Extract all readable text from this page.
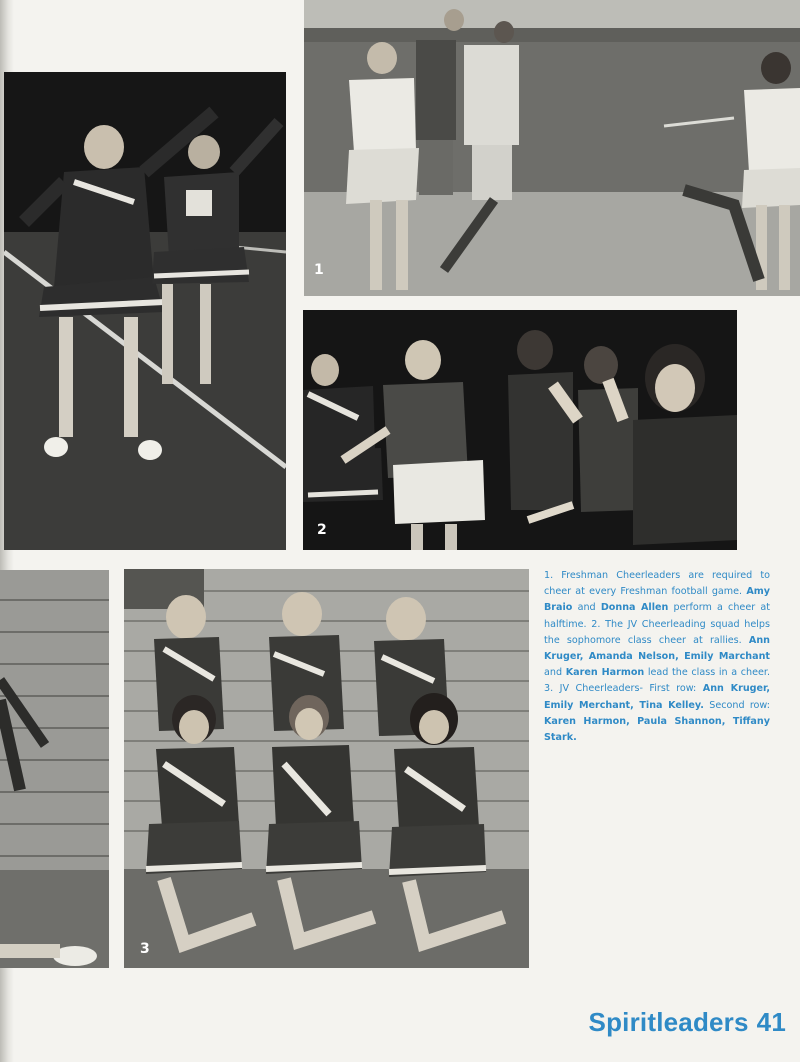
1
2
3
1. Freshman Cheerleaders are required to cheer at every Freshman football game. Amy Braio and Donna Allen perform a cheer at halftime. 2. The JV Cheerleading squad helps the sophomore class cheer at rallies. Ann Kruger, Amanda Nelson, Emily Marchant and Karen Harmon lead the class in a cheer. 3. JV Cheerleaders- First row: Ann Kruger, Emily Merchant, Tina Kelley. Second row: Karen Harmon, Paula Shannon, Tiffany Stark.
Spiritleaders 41
